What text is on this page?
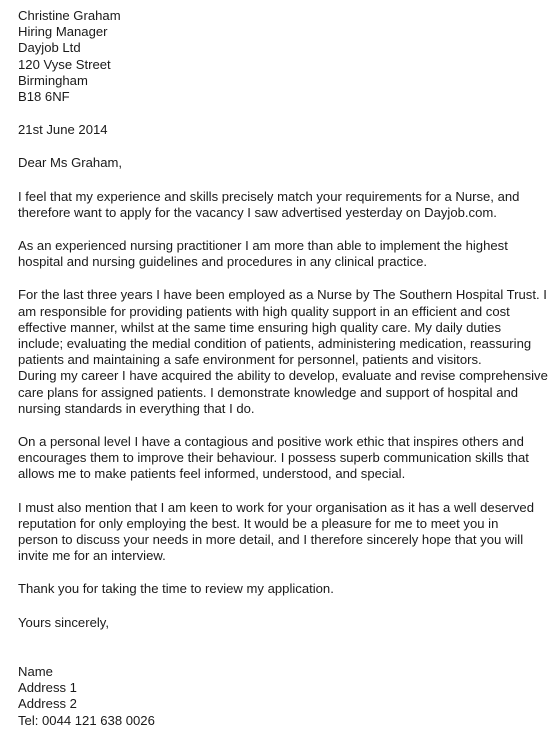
Christine Graham
Hiring Manager
Dayjob Ltd
120 Vyse Street
Birmingham
B18 6NF
21st June 2014
Dear Ms Graham,
I feel that my experience and skills precisely match your requirements for a Nurse, and
therefore want to apply for the vacancy I saw advertised yesterday on Dayjob.com.
As an experienced nursing practitioner I am more than able to implement the highest
hospital and nursing guidelines and procedures in any clinical practice.
For the last three years I have been employed as a Nurse by The Southern Hospital Trust. I
am responsible for providing patients with high quality support in an efficient and cost
effective manner, whilst at the same time ensuring high quality care. My daily duties
include; evaluating the medial condition of patients, administering medication, reassuring
patients and maintaining a safe environment for personnel, patients and visitors.
During my career I have acquired the ability to develop, evaluate and revise comprehensive
care plans for assigned patients. I demonstrate knowledge and support of hospital and
nursing standards in everything that I do.
On a personal level I have a contagious and positive work ethic that inspires others and
encourages them to improve their behaviour. I possess superb communication skills that
allows me to make patients feel informed, understood, and special.
I must also mention that I am keen to work for your organisation as it has a well deserved
reputation for only employing the best. It would be a pleasure for me to meet you in
person to discuss your needs in more detail, and I therefore sincerely hope that you will
invite me for an interview.
Thank you for taking the time to review my application.
Yours sincerely,
Name
Address 1
Address 2
Tel: 0044 121 638 0026
